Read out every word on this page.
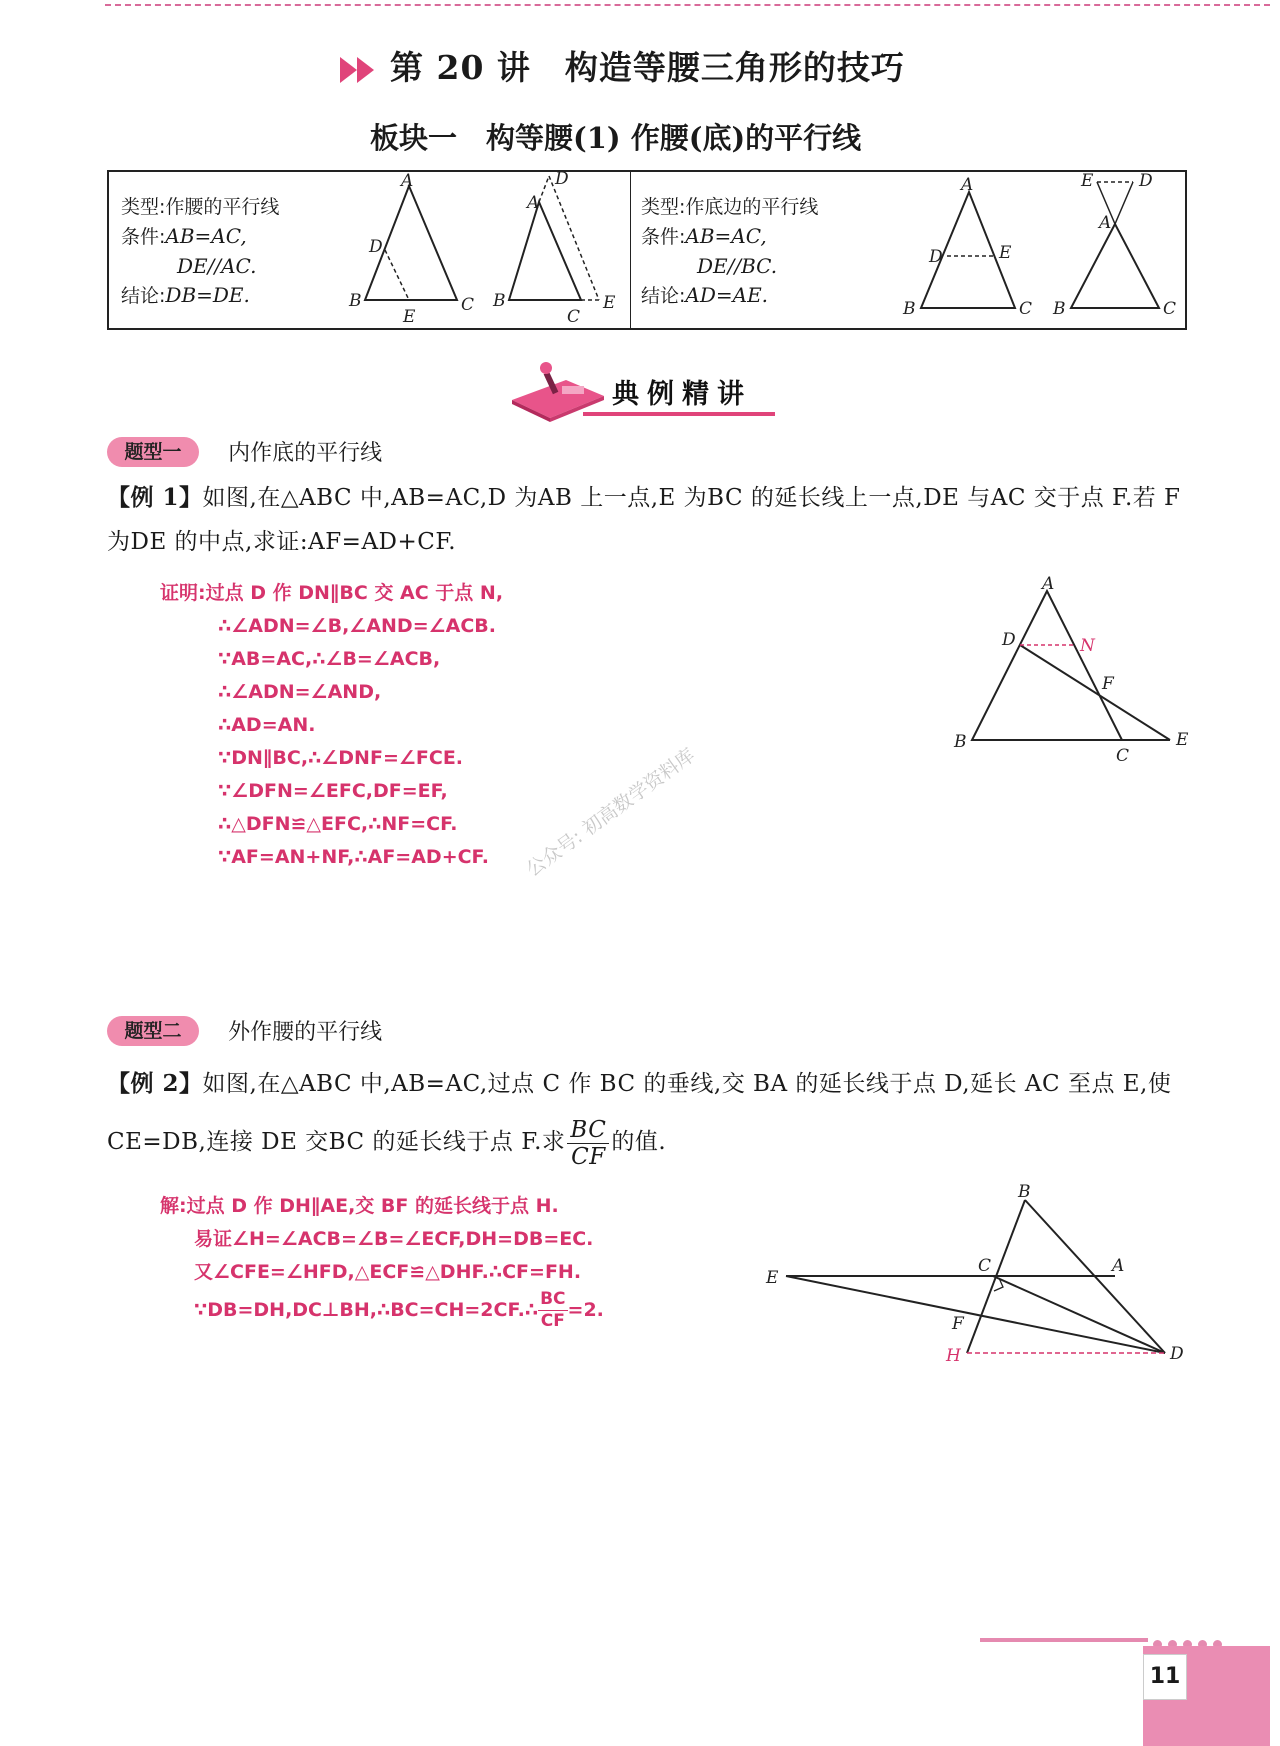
第 20 讲　构造等腰三角形的技巧
板块一　构等腰(1) 作腰(底)的平行线
类型:作腰的平行线
条件:AB=AC,
DE//AC.
结论:DB=DE.
类型:作底边的平行线
条件:AB=AC,
DE//BC.
结论:AD=AE.
A
D
B	C
E
A
D
B
C
E
A
D	E
B	C
E	D
A
B	C
典例精讲
题型一 内作底的平行线
【例 1】如图,在△ABC 中,AB=AC,D 为AB 上一点,E 为BC 的延长线上一点,DE 与AC 交于点 F.若 F 为DE 的中点,求证:AF=AD+CF.
证明:过点 D 作 DN∥BC 交 AC 于点 N,
∴∠ADN=∠B,∠AND=∠ACB.
∵AB=AC,∴∠B=∠ACB,
∴∠ADN=∠AND,
∴AD=AN.
∵DN∥BC,∴∠DNF=∠FCE.
∵∠DFN=∠EFC,DF=EF,
∴△DFN≌△EFC,∴NF=CF.
∵AF=AN+NF,∴AF=AD+CF.
A
D	N
F
B
C
E
公众号: 初高数学资料库
题型二 外作腰的平行线
【例 2】如图,在△ABC 中,AB=AC,过点 C 作 BC 的垂线,交 BA 的延长线于点 D,延长 AC 至点 E,使 CE=DB,连接 DE 交BC 的延长线于点 F.求 $\frac{BC}{CF}$ 的值.
解:过点 D 作 DH∥AE,交 BF 的延长线于点 H.
易证∠H=∠ACB=∠B=∠ECF,DH=DB=EC.
又∠CFE=∠HFD,△ECF≌△DHF.∴CF=FH.
∵DB=DH,DC⊥BH,∴BC=CH=2CF.∴ $\frac{BC}{CF} =2$.
B
C	A
E
F
H	D
11
